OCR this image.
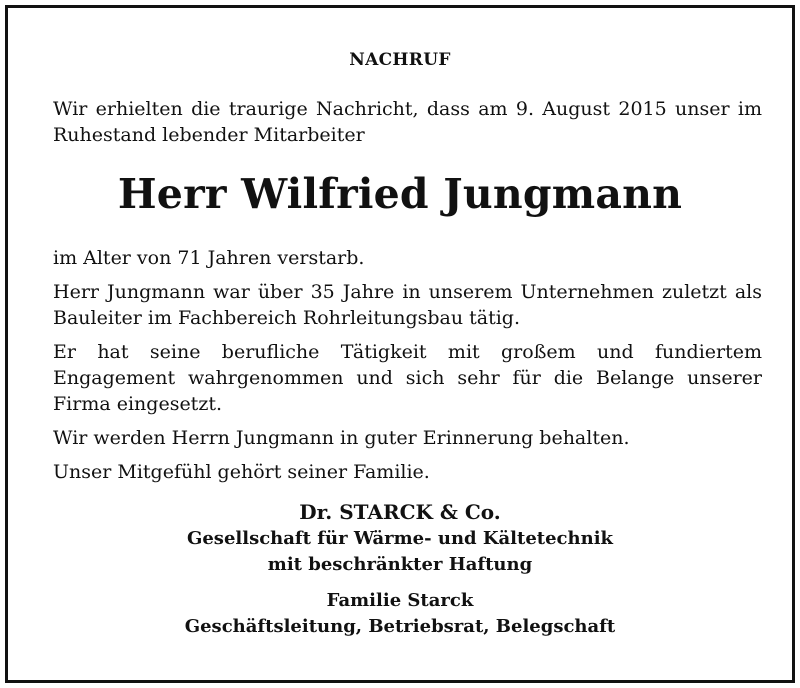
NACHRUF
Wir erhielten die traurige Nachricht, dass am 9. August 2015 unser im Ruhestand lebender Mitarbeiter
Herr Wilfried Jungmann

im Alter von 71 Jahren verstarb.

Herr Jungmann war über 35 Jahre in unserem Unternehmen zuletzt als Bauleiter im Fachbereich Rohrleitungsbau tätig.

Er hat seine berufliche Tätigkeit mit großem und fundiertem Engagement wahrgenommen und sich sehr für die Belange unserer Firma eingesetzt.

Wir werden Herrn Jungmann in guter Erinnerung behalten.

Unser Mitgefühl gehört seiner Familie.

Dr. STARCK & Co.
Gesellschaft für Wärme- und Kältetechnik
mit beschränkter Haftung
Familie Starck
Geschäftsleitung, Betriebsrat, Belegschaft
